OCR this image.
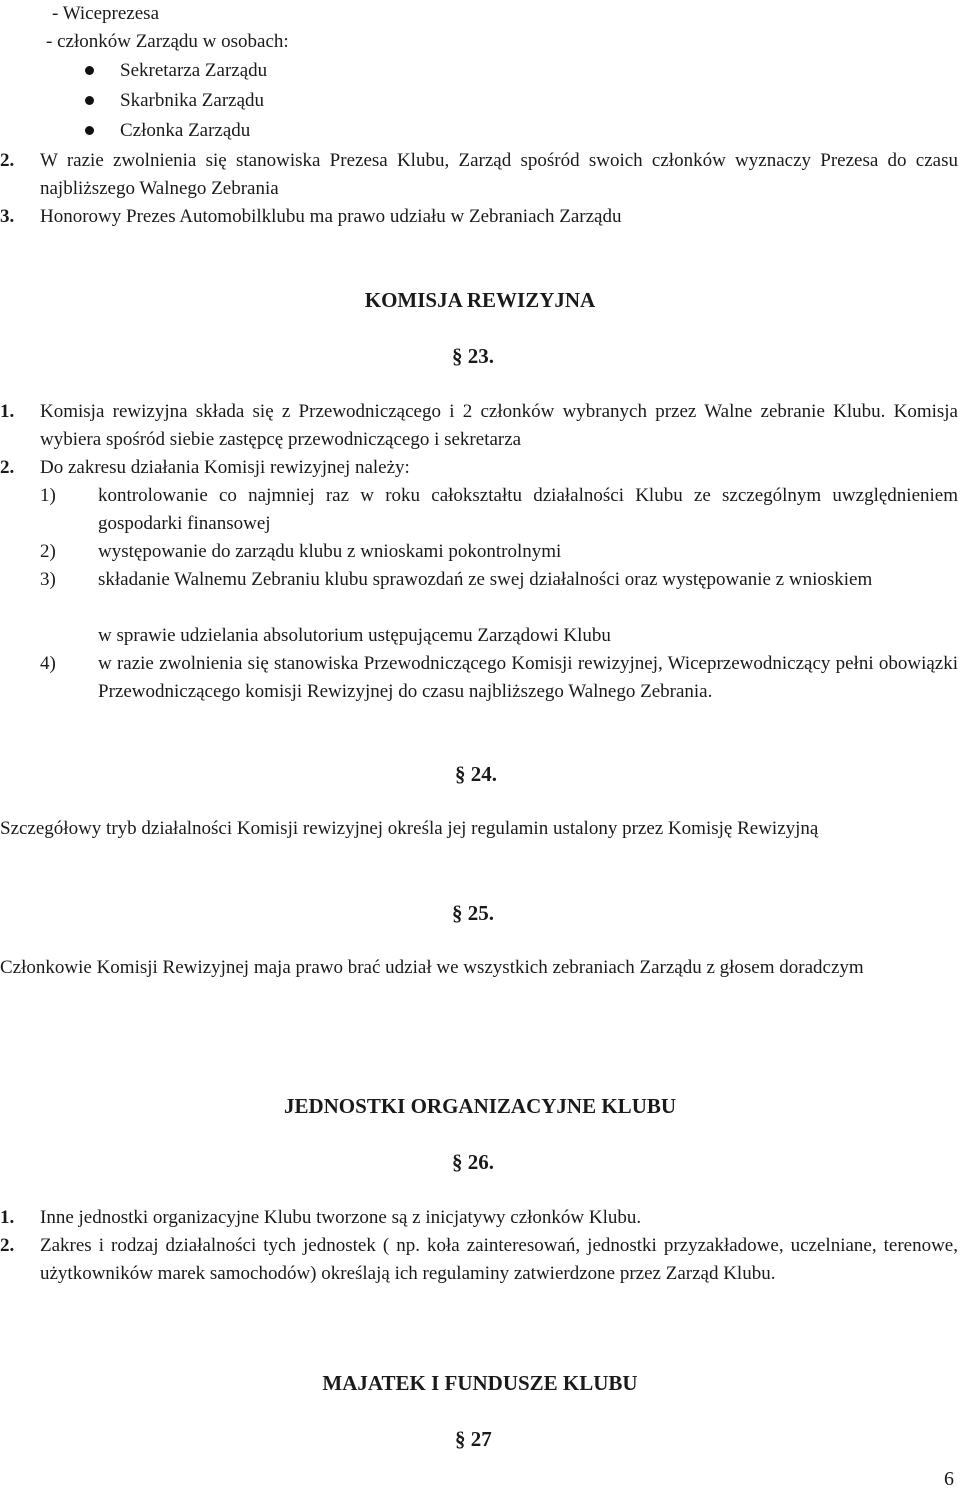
- Wiceprezesa
- członków Zarządu w osobach:
Sekretarza Zarządu
Skarbnika Zarządu
Członka Zarządu
2. W razie zwolnienia się stanowiska Prezesa Klubu, Zarząd spośród swoich członków wyznaczy Prezesa do czasu najbliższego Walnego Zebrania
3. Honorowy Prezes Automobilklubu ma prawo udziału w Zebraniach Zarządu
KOMISJA REWIZYJNA
§ 23.
1. Komisja rewizyjna składa się z Przewodniczącego i 2 członków wybranych przez Walne zebranie Klubu. Komisja wybiera spośród siebie zastępcę przewodniczącego i sekretarza
2. Do zakresu działania Komisji rewizyjnej należy:
1) kontrolowanie co najmniej raz w roku całokształtu działalności Klubu ze szczególnym uwzględnieniem gospodarki finansowej
2) występowanie do zarządu klubu z wnioskami pokontrolnymi
3) składanie Walnemu Zebraniu klubu sprawozdań ze swej działalności oraz występowanie z wnioskiem
w sprawie udzielania absolutorium ustępującemu Zarządowi Klubu
4) w razie zwolnienia się stanowiska Przewodniczącego Komisji rewizyjnej, Wiceprzewodniczący pełni obowiązki Przewodniczącego komisji Rewizyjnej do czasu najbliższego Walnego Zebrania.
§ 24.
Szczegółowy tryb działalności Komisji rewizyjnej określa jej regulamin ustalony przez Komisję Rewizyjną
§ 25.
Członkowie Komisji Rewizyjnej maja prawo brać udział we wszystkich zebraniach Zarządu z głosem doradczym
JEDNOSTKI ORGANIZACYJNE KLUBU
§ 26.
1. Inne jednostki organizacyjne Klubu tworzone są z inicjatywy członków Klubu.
2. Zakres i rodzaj działalności tych jednostek ( np. koła zainteresowań, jednostki przyzakładowe, uczelniane, terenowe, użytkowników marek samochodów) określają ich regulaminy zatwierdzone przez Zarząd Klubu.
MAJATEK I FUNDUSZE KLUBU
§ 27
6
